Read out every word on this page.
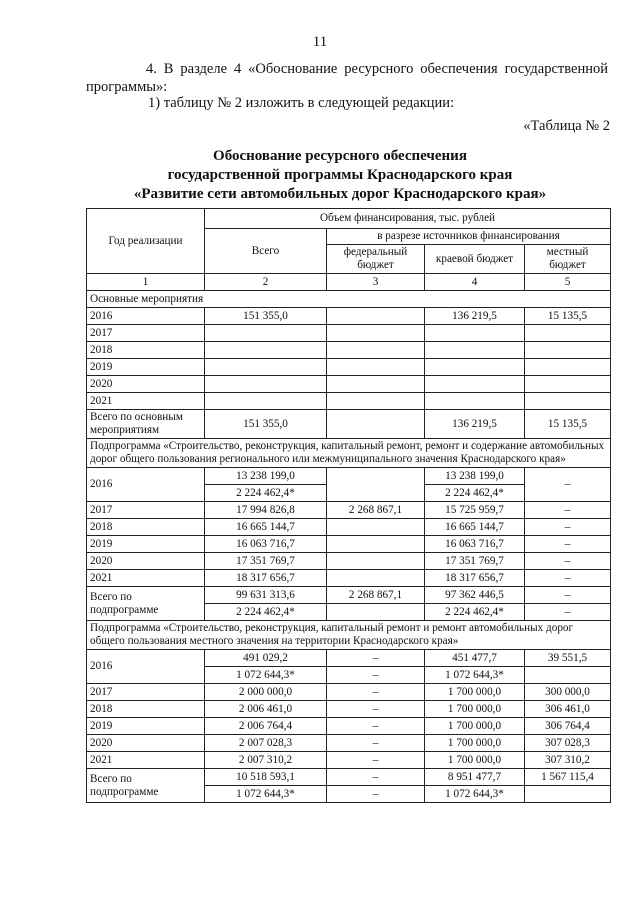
11
4. В разделе 4 «Обоснование ресурсного обеспечения государственной программы»:
1) таблицу № 2 изложить в следующей редакции:
«Таблица № 2
Обоснование ресурсного обеспечения
государственной программы Краснодарского края
«Развитие сети автомобильных дорог Краснодарского края»
Год реализации	Объем финансирования, тыс. рублей			
	Всего	в разрезе источников финансирования		
		федеральный бюджет	краевой бюджет	местный бюджет
1	2	3	4	5
Основные мероприятия				
2016	151 355,0		136 219,5	15 135,5
2017				
2018				
2019				
2020				
2021				
Всего по основным мероприятиям	151 355,0		136 219,5	15 135,5
Подпрограмма «Строительство, реконструкция, капитальный ремонт, ремонт и содержание автомобильных дорог общего пользования регионального или межмуниципального значения Краснодарского края»				
2016	13 238 199,0		13 238 199,0	–
	2 224 462,4*		2 224 462,4*	
2017	17 994 826,8	2 268 867,1	15 725 959,7	–
2018	16 665 144,7		16 665 144,7	–
2019	16 063 716,7		16 063 716,7	–
2020	17 351 769,7		17 351 769,7	–
2021	18 317 656,7		18 317 656,7	–
Всего по подпрограмме	99 631 313,6	2 268 867,1	97 362 446,5	–
	2 224 462,4*		2 224 462,4*	–
Подпрограмма «Строительство, реконструкция, капитальный ремонт и ремонт автомобильных дорог общего пользования местного значения на территории Краснодарского края»				
2016	491 029,2	–	451 477,7	39 551,5
	1 072 644,3*	–	1 072 644,3*	
2017	2 000 000,0	–	1 700 000,0	300 000,0
2018	2 006 461,0	–	1 700 000,0	306 461,0
2019	2 006 764,4	–	1 700 000,0	306 764,4
2020	2 007 028,3	–	1 700 000,0	307 028,3
2021	2 007 310,2	–	1 700 000,0	307 310,2
Всего по подпрограмме	10 518 593,1	–	8 951 477,7	1 567 115,4
	1 072 644,3*	–	1 072 644,3*	
